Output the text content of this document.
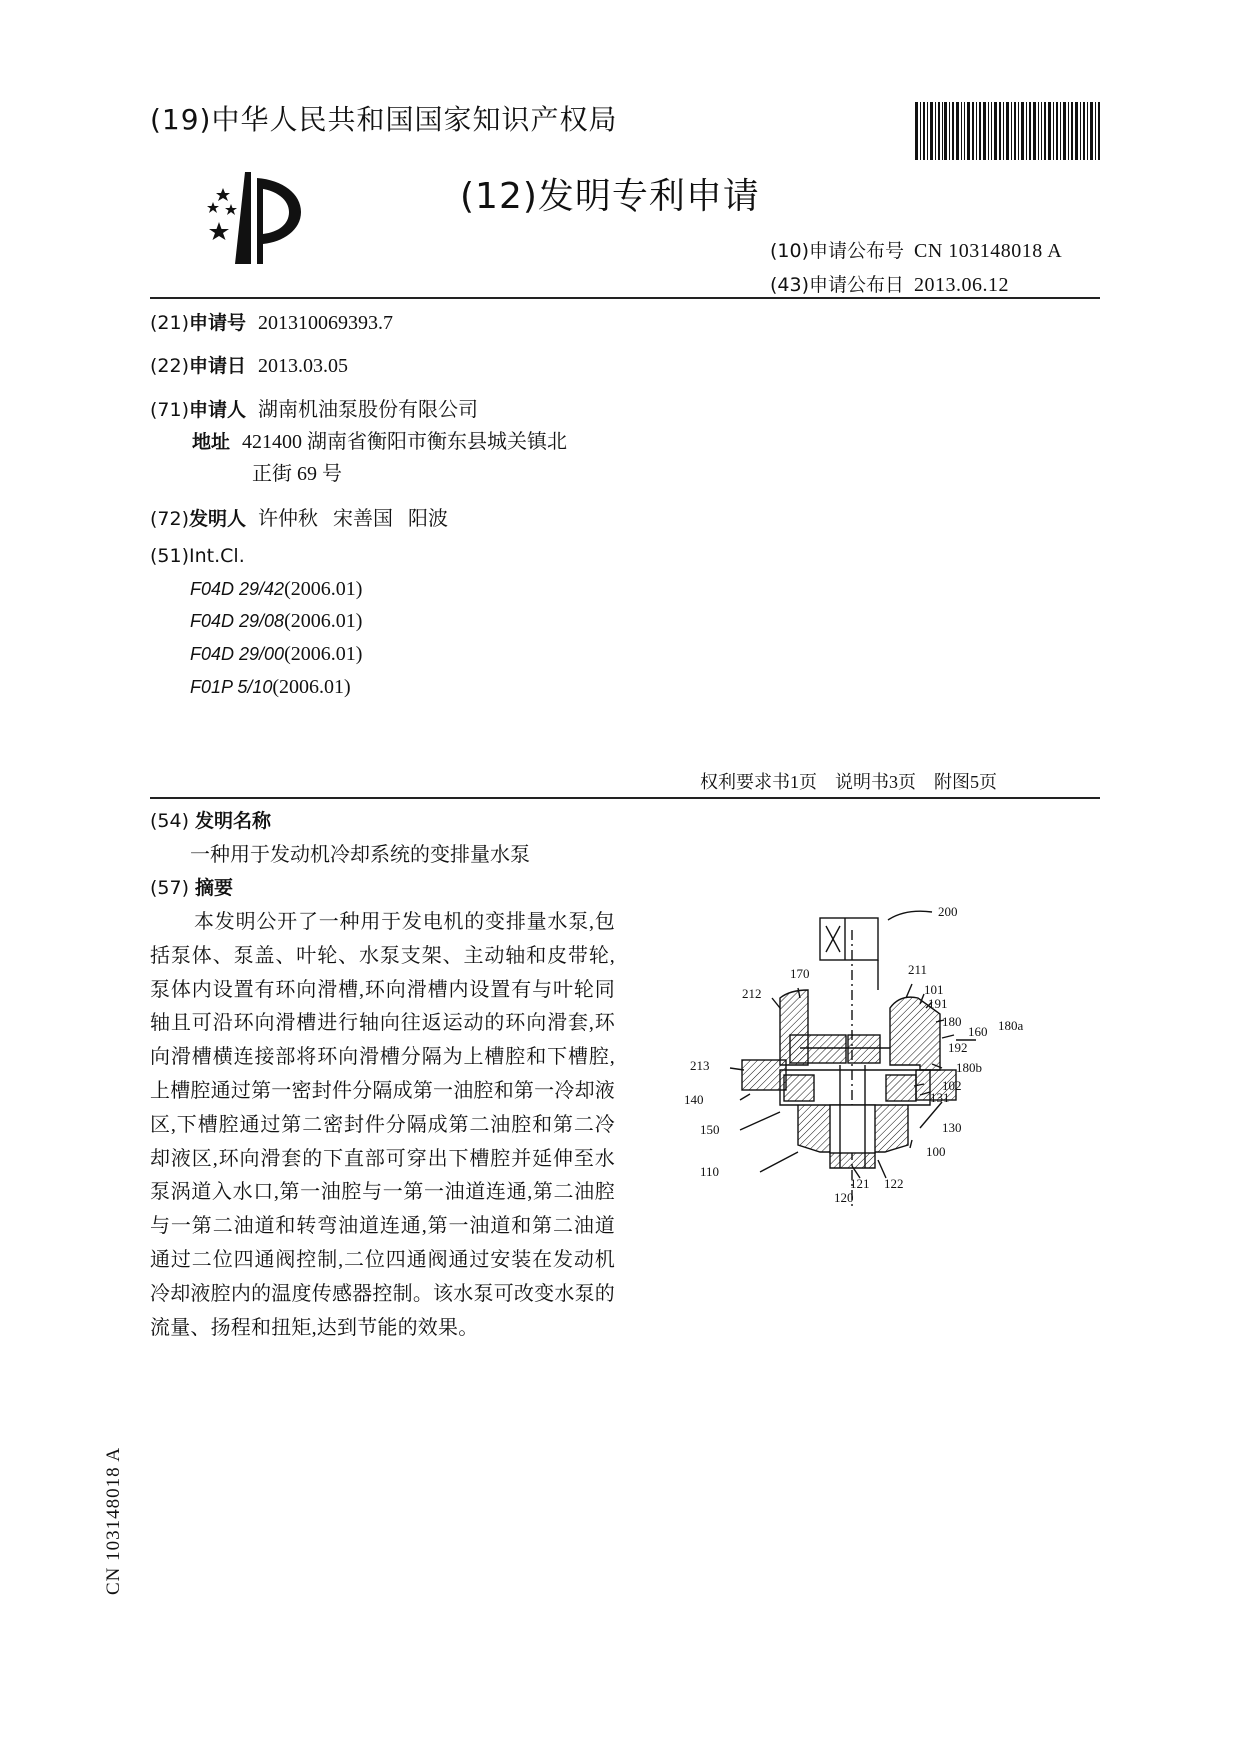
(19)中华人民共和国国家知识产权局
(12)发明专利申请
(10)申请公布号 CN 103148018 A
(43)申请公布日 2013.06.12
(21)申请号 201310069393.7
(22)申请日 2013.03.05
(71)申请人 湖南机油泵股份有限公司
地址 421400 湖南省衡阳市衡东县城关镇北
正街 69 号
(72)发明人 许仲秋   宋善国   阳波
(51)Int.Cl.
F04D 29/42(2006.01)
F04D 29/08(2006.01)
F04D 29/00(2006.01)
F01P 5/10(2006.01)
权利要求书1页    说明书3页    附图5页
(54) 发明名称
一种用于发动机冷却系统的变排量水泵
(57) 摘要
本发明公开了一种用于发电机的变排量水泵,包括泵体、泵盖、叶轮、水泵支架、主动轴和皮带轮,泵体内设置有环向滑槽,环向滑槽内设置有与叶轮同轴且可沿环向滑槽进行轴向往返运动的环向滑套,环向滑槽横连接部将环向滑槽分隔为上槽腔和下槽腔,上槽腔通过第一密封件分隔成第一油腔和第一冷却液区,下槽腔通过第二密封件分隔成第二油腔和第二冷却液区,环向滑套的下直部可穿出下槽腔并延伸至水泵涡道入水口,第一油腔与一第一油道连通,第二油腔与一第二油道和转弯油道连通,第一油道和第二油道通过二位四通阀控制,二位四通阀通过安装在发动机冷却液腔内的温度传感器控制。该水泵可改变水泵的流量、扬程和扭矩,达到节能的效果。
200
170	211
212	101
191
180
160 180a
192
180b
213
102
140	131
150	130
100
110
121 122
120
CN 103148018 A
